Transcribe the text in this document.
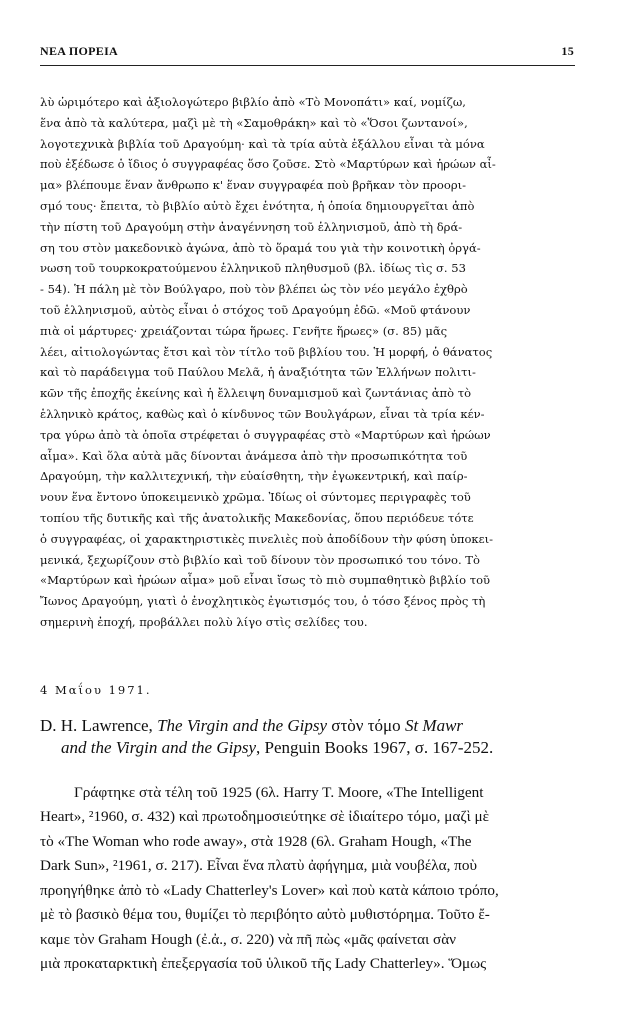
ΝΕΑ ΠΟΡΕΙΑ	15
λὺ ὡριμότερο καὶ ἀξιολογώτερο βιβλίο ἀπὸ «Τὸ Μονοπάτι» καί, νομίζω,
ἕνα ἀπὸ τὰ καλύτερα, μαζὶ μὲ τὴ «Σαμοθράκη» καὶ τὸ «Ὅσοι ζωντανοί»,
λογοτεχνικὰ βιβλία τοῦ Δραγούμη· καὶ τὰ τρία αὐτὰ ἐξάλλου εἶναι τὰ μόνα
ποὺ ἐξέδωσε ὁ ἴδιος ὁ συγγραφέας ὅσο ζοῦσε. Στὸ «Μαρτύρων καὶ ἡρώων αἷ-
μα» βλέπουμε ἕναν ἄνθρωπο κ' ἕναν συγγραφέα ποὺ βρῆκαν τὸν προορι-
σμό τους· ἔπειτα, τὸ βιβλίο αὐτὸ ἔχει ἑνότητα, ἡ ὁποία δημιουργεῖται ἀπὸ
τὴν πίστη τοῦ Δραγούμη στὴν ἀναγέννηση τοῦ ἑλληνισμοῦ, ἀπὸ τὴ δρά-
ση του στὸν μακεδονικὸ ἀγώνα, ἀπὸ τὸ ὅραμά του γιὰ τὴν κοινοτικὴ ὀργά-
νωση τοῦ τουρκοκρατούμενου ἑλληνικοῦ πληθυσμοῦ (βλ. ἰδίως τὶς σ. 53
- 54). Ἡ πάλη μὲ τὸν Βούλγαρο, ποὺ τὸν βλέπει ὡς τὸν νέο μεγάλο ἐχθρὸ
τοῦ ἑλληνισμοῦ, αὐτὸς εἶναι ὁ στόχος τοῦ Δραγούμη ἐδῶ. «Μοῦ φτάνουν
πιὰ οἱ μάρτυρες· χρειάζονται τώρα ἥρωες. Γενῆτε ἥρωες» (σ. 85) μᾶς
λέει, αἰτιολογώντας ἔτσι καὶ τὸν τίτλο τοῦ βιβλίου του. Ἡ μορφή, ὁ θάνατος
καὶ τὸ παράδειγμα τοῦ Παύλου Μελᾶ, ἡ ἀναξιότητα τῶν Ἑλλήνων πολιτι-
κῶν τῆς ἐποχῆς ἐκείνης καὶ ἡ ἔλλειψη δυναμισμοῦ καὶ ζωντάνιας ἀπὸ τὸ
ἑλληνικὸ κράτος, καθὼς καὶ ὁ κίνδυνος τῶν Βουλγάρων, εἶναι τὰ τρία κέν-
τρα γύρω ἀπὸ τὰ ὁποῖα στρέφεται ὁ συγγραφέας στὸ «Μαρτύρων καὶ ἡρώων
αἷμα». Καὶ ὅλα αὐτὰ μᾶς δίνονται ἀνάμεσα ἀπὸ τὴν προσωπικότητα τοῦ
Δραγούμη, τὴν καλλιτεχνική, τὴν εὐαίσθητη, τὴν ἐγωκεντρική, καὶ παίρ-
νουν ἕνα ἔντονο ὑποκειμενικὸ χρῶμα. Ἰδίως οἱ σύντομες περιγραφὲς τοῦ
τοπίου τῆς δυτικῆς καὶ τῆς ἀνατολικῆς Μακεδονίας, ὅπου περιόδευε τότε
ὁ συγγραφέας, οἱ χαρακτηριστικὲς πινελιὲς ποὺ ἀποδίδουν τὴν φύση ὑποκει-
μενικά, ξεχωρίζουν στὸ βιβλίο καὶ τοῦ δίνουν τὸν προσωπικό του τόνο. Τὸ
«Μαρτύρων καὶ ἡρώων αἷμα» μοῦ εἶναι ἴσως τὸ πιὸ συμπαθητικὸ βιβλίο τοῦ
Ἴωνος Δραγούμη, γιατὶ ὁ ἐνοχλητικὸς ἐγωτισμός του, ὁ τόσο ξένος πρὸς τὴ
σημερινὴ ἐποχή, προβάλλει πολὺ λίγο στὶς σελίδες του.
4 Μαΐου 1971.
D. H. Lawrence, The Virgin and the Gipsy στὸν τόμο St Mawr
and the Virgin and the Gipsy, Penguin Books 1967, σ. 167-252.
Γράφτηκε στὰ τέλη τοῦ 1925 (6λ. Harry T. Moore, «The Intelligent
Heart», ²1960, σ. 432) καὶ πρωτοδημοσιεύτηκε σὲ ἰδιαίτερο τόμο, μαζὶ μὲ
τὸ «The Woman who rode away», στὰ 1928 (6λ. Graham Hough, «The
Dark Sun», ²1961, σ. 217). Εἶναι ἕνα πλατὺ ἀφήγημα, μιὰ νουβέλα, ποὺ
προηγήθηκε ἀπὸ τὸ «Lady Chatterley's Lover» καὶ ποὺ κατὰ κάποιο τρόπο,
μὲ τὸ βασικὸ θέμα του, θυμίζει τὸ περιβόητο αὐτὸ μυθιστόρημα. Τοῦτο ἔ-
καμε τὸν Graham Hough (ἐ.ἀ., σ. 220) νὰ πῆ πὼς «μᾶς φαίνεται σὰν
μιὰ προκαταρκτικὴ ἐπεξεργασία τοῦ ὑλικοῦ τῆς Lady Chatterley». Ὅμως
